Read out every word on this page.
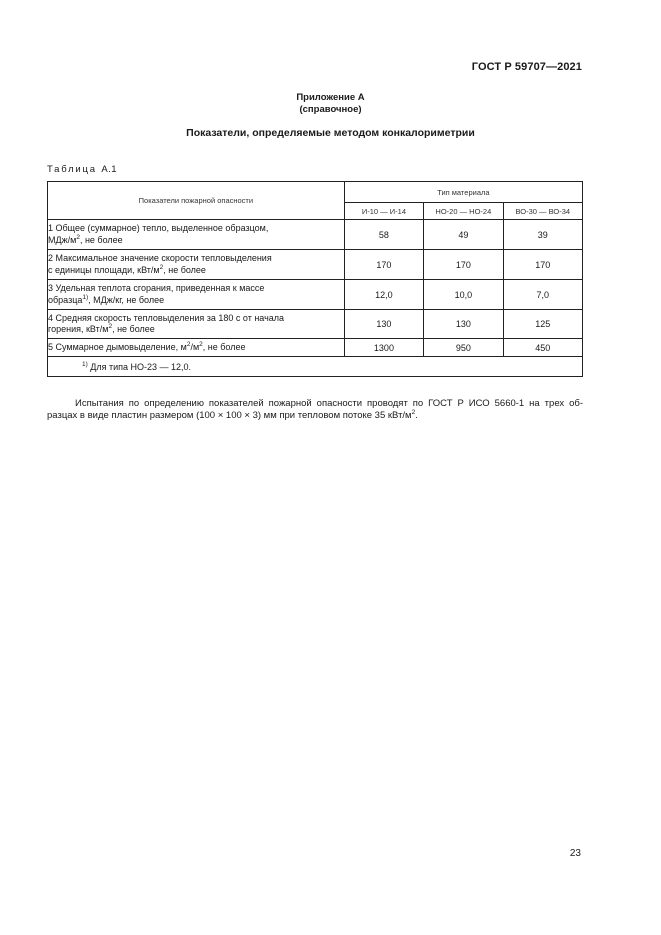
ГОСТ Р 59707—2021
Приложение А
(справочное)
Показатели, определяемые методом конкалориметрии
Таблица А.1
Показатели пожарной опасности	Тип материала		
	И-10 — И-14	НО-20 — НО-24	ВО-30 — ВО-34
1 Общее (суммарное) тепло, выделенное образцом,
МДж/$м^2$, не более	58	49	39
2 Максимальное значение скорости тепловыделения
с единицы площади, кВт/$м^2$, не более	170	170	170
3 Удельная теплота сгорания, приведенная к массе
образца$^{1)}$, МДж/кг, не более	12,0	10,0	7,0
4 Средняя скорость тепловыделения за 180 с от начала
горения, кВт/$м^2$, не более	130	130	125
5 Суммарное дымовыделение, $м^2/м^2$, не более	1300	950	450
$^{1)}$ Для типа НО-23 — 12,0.			
Испытания по определению показателей пожарной опасности проводят по ГОСТ Р ИСО 5660-1 на трех об-
разцах в виде пластин размером (100 × 100 × 3) мм при тепловом потоке 35 кВт/$м^2$.
23
